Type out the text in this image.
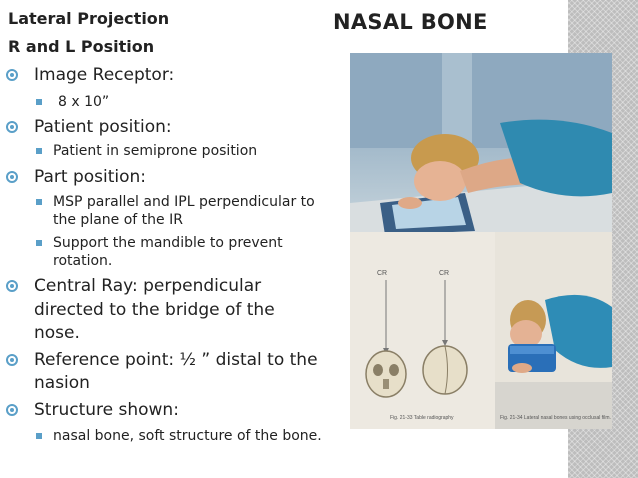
Lateral Projection
R and L Position
NASAL BONE
Image Receptor:
8 x 10”
Patient position:
Patient in semiprone position
Part position:
MSP parallel and IPL perpendicular to
the plane of the IR
Support the mandible to prevent
rotation.
Central Ray: perpendicular
directed to the bridge of the
nose.
Reference point: ½ ” distal to the
nasion
Structure shown:
nasal bone, soft structure of the bone.
CR	CR
Fig. 21-33 Table radiography	Fig. 21-34 Lateral nasal bones using occlusal film.
